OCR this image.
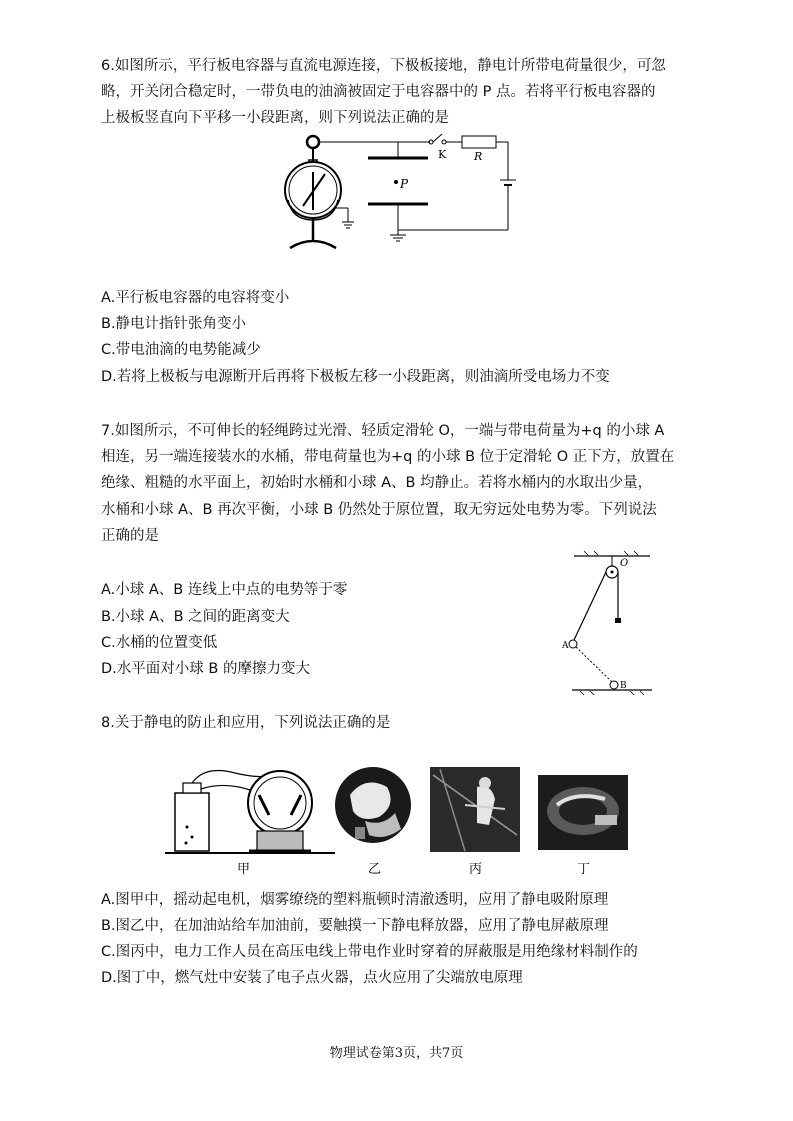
6.如图所示，平行板电容器与直流电源连接，下极板接地，静电计所带电荷量很少，可忽
略，开关闭合稳定时，一带负电的油滴被固定于电容器中的 P 点。若将平行板电容器的
上极板竖直向下平移一小段距离，则下列说法正确的是
P
K	R
A.平行板电容器的电容将变小
B.静电计指针张角变小
C.带电油滴的电势能减少
D.若将上极板与电源断开后再将下极板左移一小段距离，则油滴所受电场力不变
7.如图所示，不可伸长的轻绳跨过光滑、轻质定滑轮 O，一端与带电荷量为+q 的小球 A
相连，另一端连接装水的水桶，带电荷量也为+q 的小球 B 位于定滑轮 O 正下方，放置在
绝缘、粗糙的水平面上，初始时水桶和小球 A、B 均静止。若将水桶内的水取出少量，
水桶和小球 A、B 再次平衡，小球 B 仍然处于原位置，取无穷远处电势为零。下列说法
正确的是
O
A
B
A.小球 A、B 连线上中点的电势等于零
B.小球 A、B 之间的距离变大
C.水桶的位置变低
D.水平面对小球 B 的摩擦力变大
8.关于静电的防止和应用，下列说法正确的是
甲	乙	丙	丁
A.图甲中，摇动起电机，烟雾缭绕的塑料瓶顿时清澈透明，应用了静电吸附原理
B.图乙中，在加油站给车加油前，要触摸一下静电释放器，应用了静电屏蔽原理
C.图丙中，电力工作人员在高压电线上带电作业时穿着的屏蔽服是用绝缘材料制作的
D.图丁中，燃气灶中安装了电子点火器，点火应用了尖端放电原理
物理试卷第3页，共7页
